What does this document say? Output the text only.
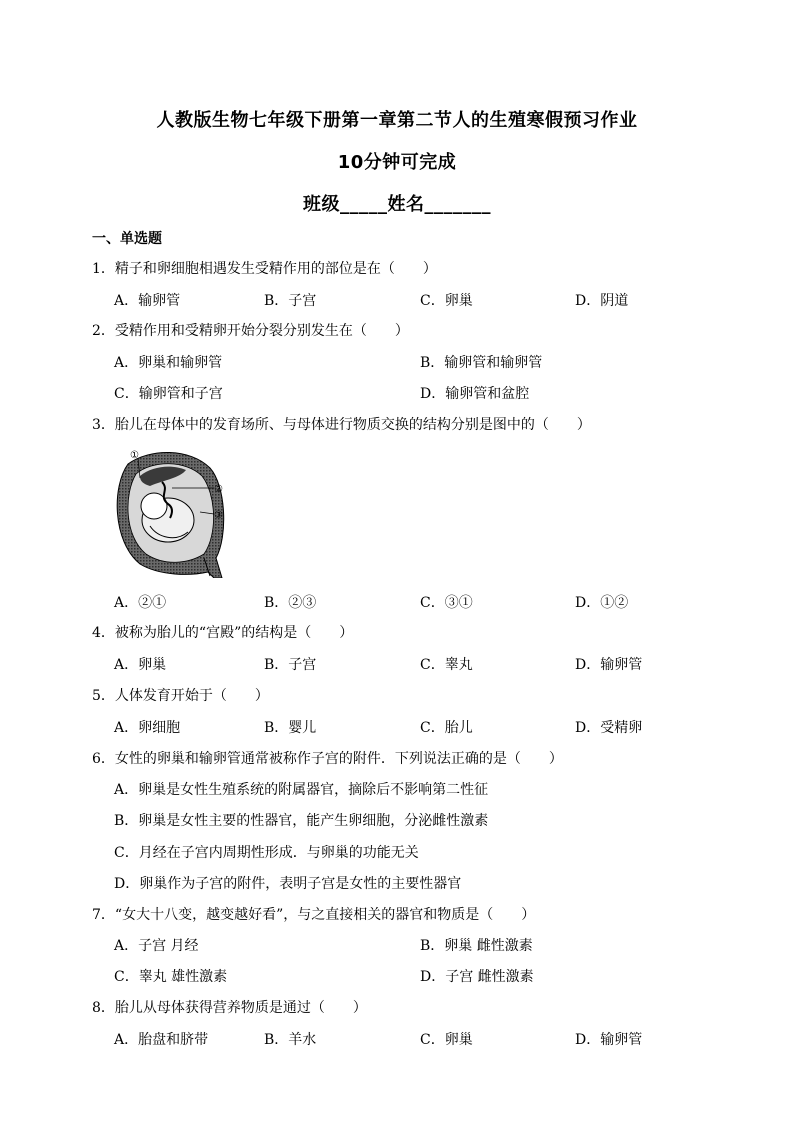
人教版生物七年级下册第一章第二节人的生殖寒假预习作业
10分钟可完成
班级_____姓名_______
一、单选题
1．精子和卵细胞相遇发生受精作用的部位是在（　　）
A．输卵管	B．子宫	C．卵巢	D．阴道
2．受精作用和受精卵开始分裂分别发生在（　　）
A．卵巢和输卵管	B．输卵管和输卵管
C．输卵管和子宫	D．输卵管和盆腔
3．胎儿在母体中的发育场所、与母体进行物质交换的结构分别是图中的（　　）
①
②
③
A．②①	B．②③	C．③①	D．①②
4．被称为胎儿的“宫殿”的结构是（　　）
A．卵巢	B．子宫	C．睾丸	D．输卵管
5．人体发育开始于（　　）
A．卵细胞	B．婴儿	C．胎儿	D．受精卵
6．女性的卵巢和输卵管通常被称作子宫的附件．下列说法正确的是（　　）
A．卵巢是女性生殖系统的附属器官，摘除后不影响第二性征
B．卵巢是女性主要的性器官，能产生卵细胞，分泌雌性激素
C．月经在子宫内周期性形成．与卵巢的功能无关
D．卵巢作为子宫的附件，表明子宫是女性的主要性器官
7．“女大十八变，越变越好看”，与之直接相关的器官和物质是（　　）
A．子宫 月经	B．卵巢 雌性激素
C．睾丸 雄性激素	D．子宫 雌性激素
8．胎儿从母体获得营养物质是通过（　　）
A．胎盘和脐带	B．羊水	C．卵巢	D．输卵管
